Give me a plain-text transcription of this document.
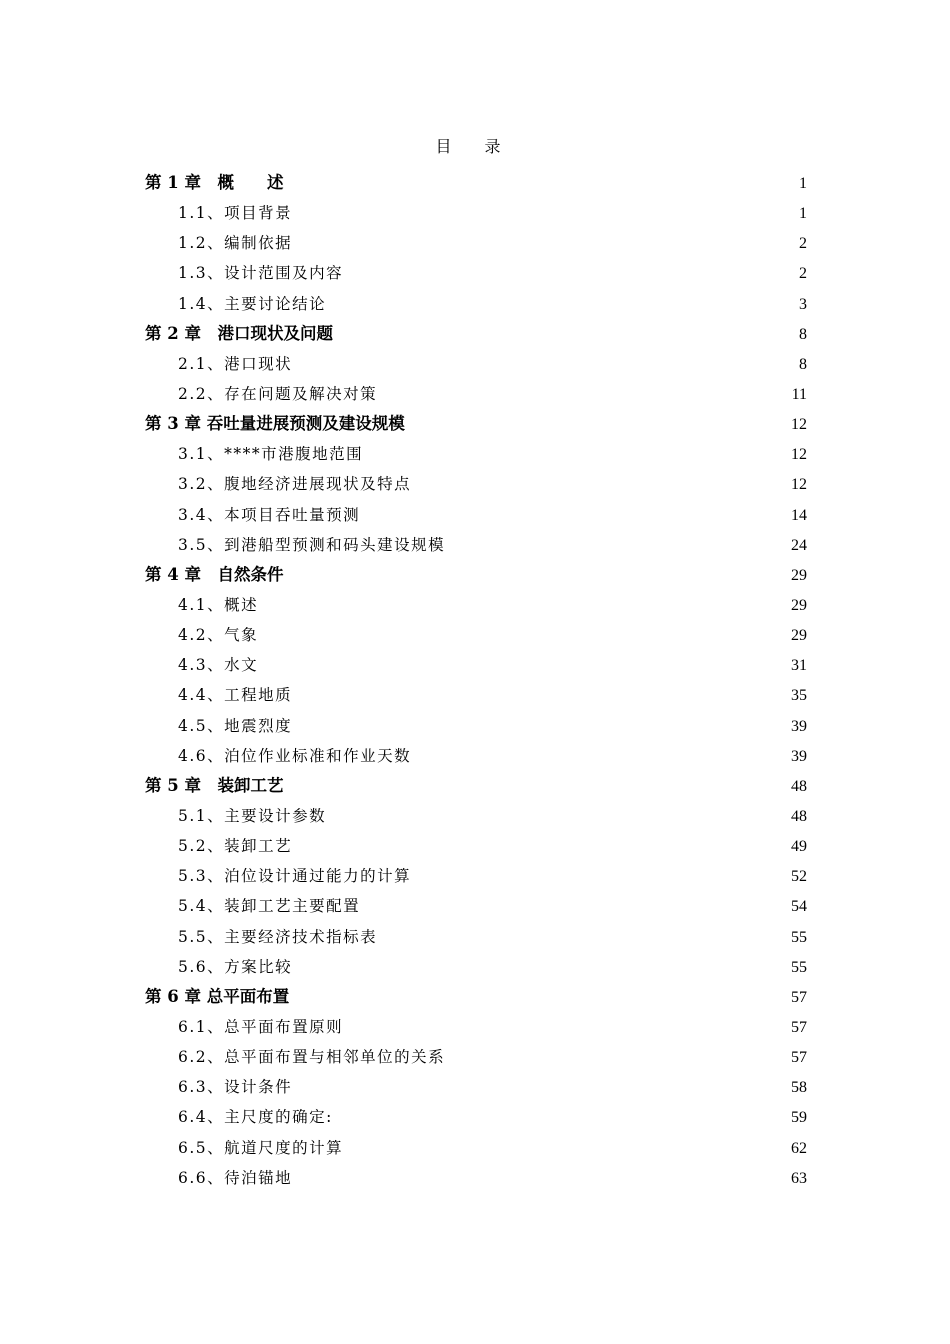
目 录
第 1 章　概　　述	1
1.1、项目背景	1
1.2、编制依据	2
1.3、设计范围及内容	2
1.4、主要讨论结论	3
第 2 章　港口现状及问题	8
2.1、港口现状	8
2.2、存在问题及解决对策	11
第 3 章 吞吐量进展预测及建设规模	12
3.1、****市港腹地范围	12
3.2、腹地经济进展现状及特点	12
3.4、本项目吞吐量预测	14
3.5、到港船型预测和码头建设规模	24
第 4 章　自然条件	29
4.1、概述	29
4.2、气象	29
4.3、水文	31
4.4、工程地质	35
4.5、地震烈度	39
4.6、泊位作业标准和作业天数	39
第 5 章　装卸工艺	48
5.1、主要设计参数	48
5.2、装卸工艺	49
5.3、泊位设计通过能力的计算	52
5.4、装卸工艺主要配置	54
5.5、主要经济技术指标表	55
5.6、方案比较	55
第 6 章 总平面布置	57
6.1、总平面布置原则	57
6.2、总平面布置与相邻单位的关系	57
6.3、设计条件	58
6.4、主尺度的确定:	59
6.5、航道尺度的计算	62
6.6、待泊锚地	63
